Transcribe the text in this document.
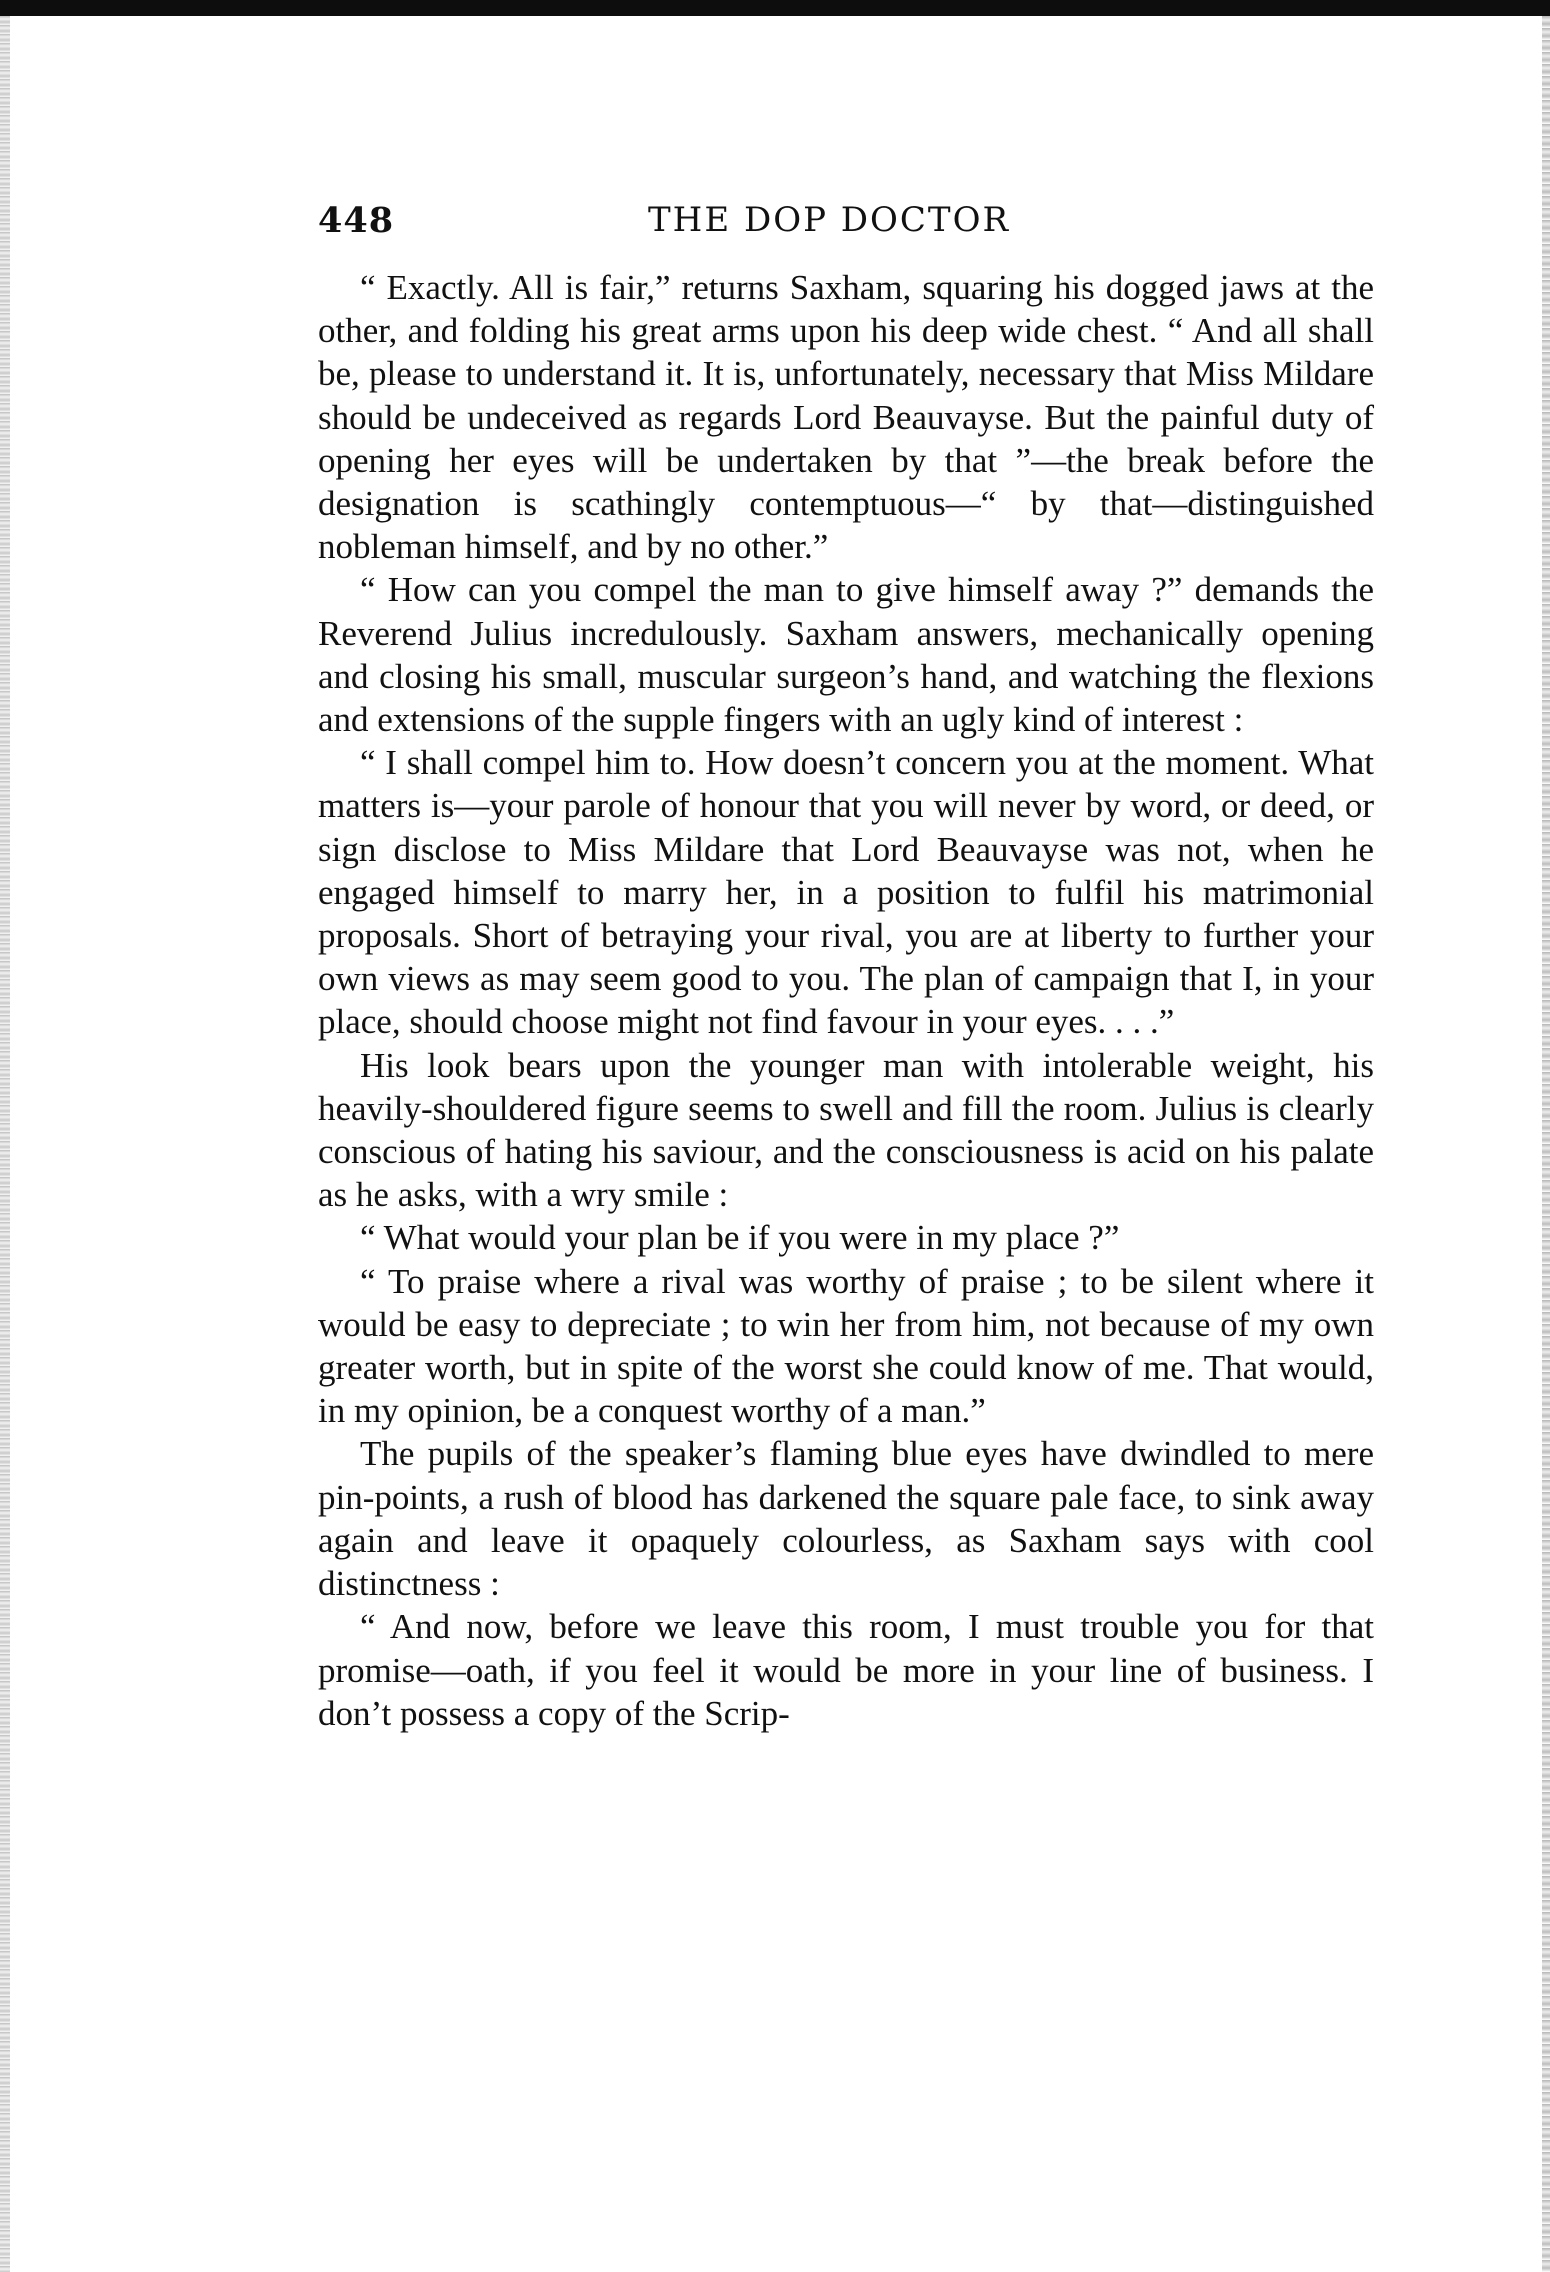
448	THE DOP DOCTOR

“ Exactly. All is fair,” returns Saxham, squaring his dogged jaws at the other, and folding his great arms upon his deep wide chest. “ And all shall be, please to understand it. It is, unfortunately, necessary that Miss Mildare should be undeceived as regards Lord Beauvayse. But the painful duty of opening her eyes will be undertaken by that ”—the break before the designation is scathingly contemptuous—“ by that—distinguished nobleman himself, and by no other.”

“ How can you compel the man to give himself away ?” demands the Reverend Julius incredulously. Saxham answers, mechanically opening and closing his small, muscular surgeon’s hand, and watching the flexions and extensions of the supple fingers with an ugly kind of interest :

“ I shall compel him to. How doesn’t concern you at the moment. What matters is—your parole of honour that you will never by word, or deed, or sign disclose to Miss Mildare that Lord Beauvayse was not, when he engaged himself to marry her, in a position to fulfil his matrimonial proposals. Short of betraying your rival, you are at liberty to further your own views as may seem good to you. The plan of campaign that I, in your place, should choose might not find favour in your eyes. . . .”

His look bears upon the younger man with intolerable weight, his heavily-shouldered figure seems to swell and fill the room. Julius is clearly conscious of hating his saviour, and the consciousness is acid on his palate as he asks, with a wry smile :

“ What would your plan be if you were in my place ?”

“ To praise where a rival was worthy of praise ; to be silent where it would be easy to depreciate ; to win her from him, not because of my own greater worth, but in spite of the worst she could know of me. That would, in my opinion, be a conquest worthy of a man.”

The pupils of the speaker’s flaming blue eyes have dwindled to mere pin-points, a rush of blood has darkened the square pale face, to sink away again and leave it opaquely colourless, as Saxham says with cool distinctness :

“ And now, before we leave this room, I must trouble you for that promise—oath, if you feel it would be more in your line of business. I don’t possess a copy of the Scrip-
